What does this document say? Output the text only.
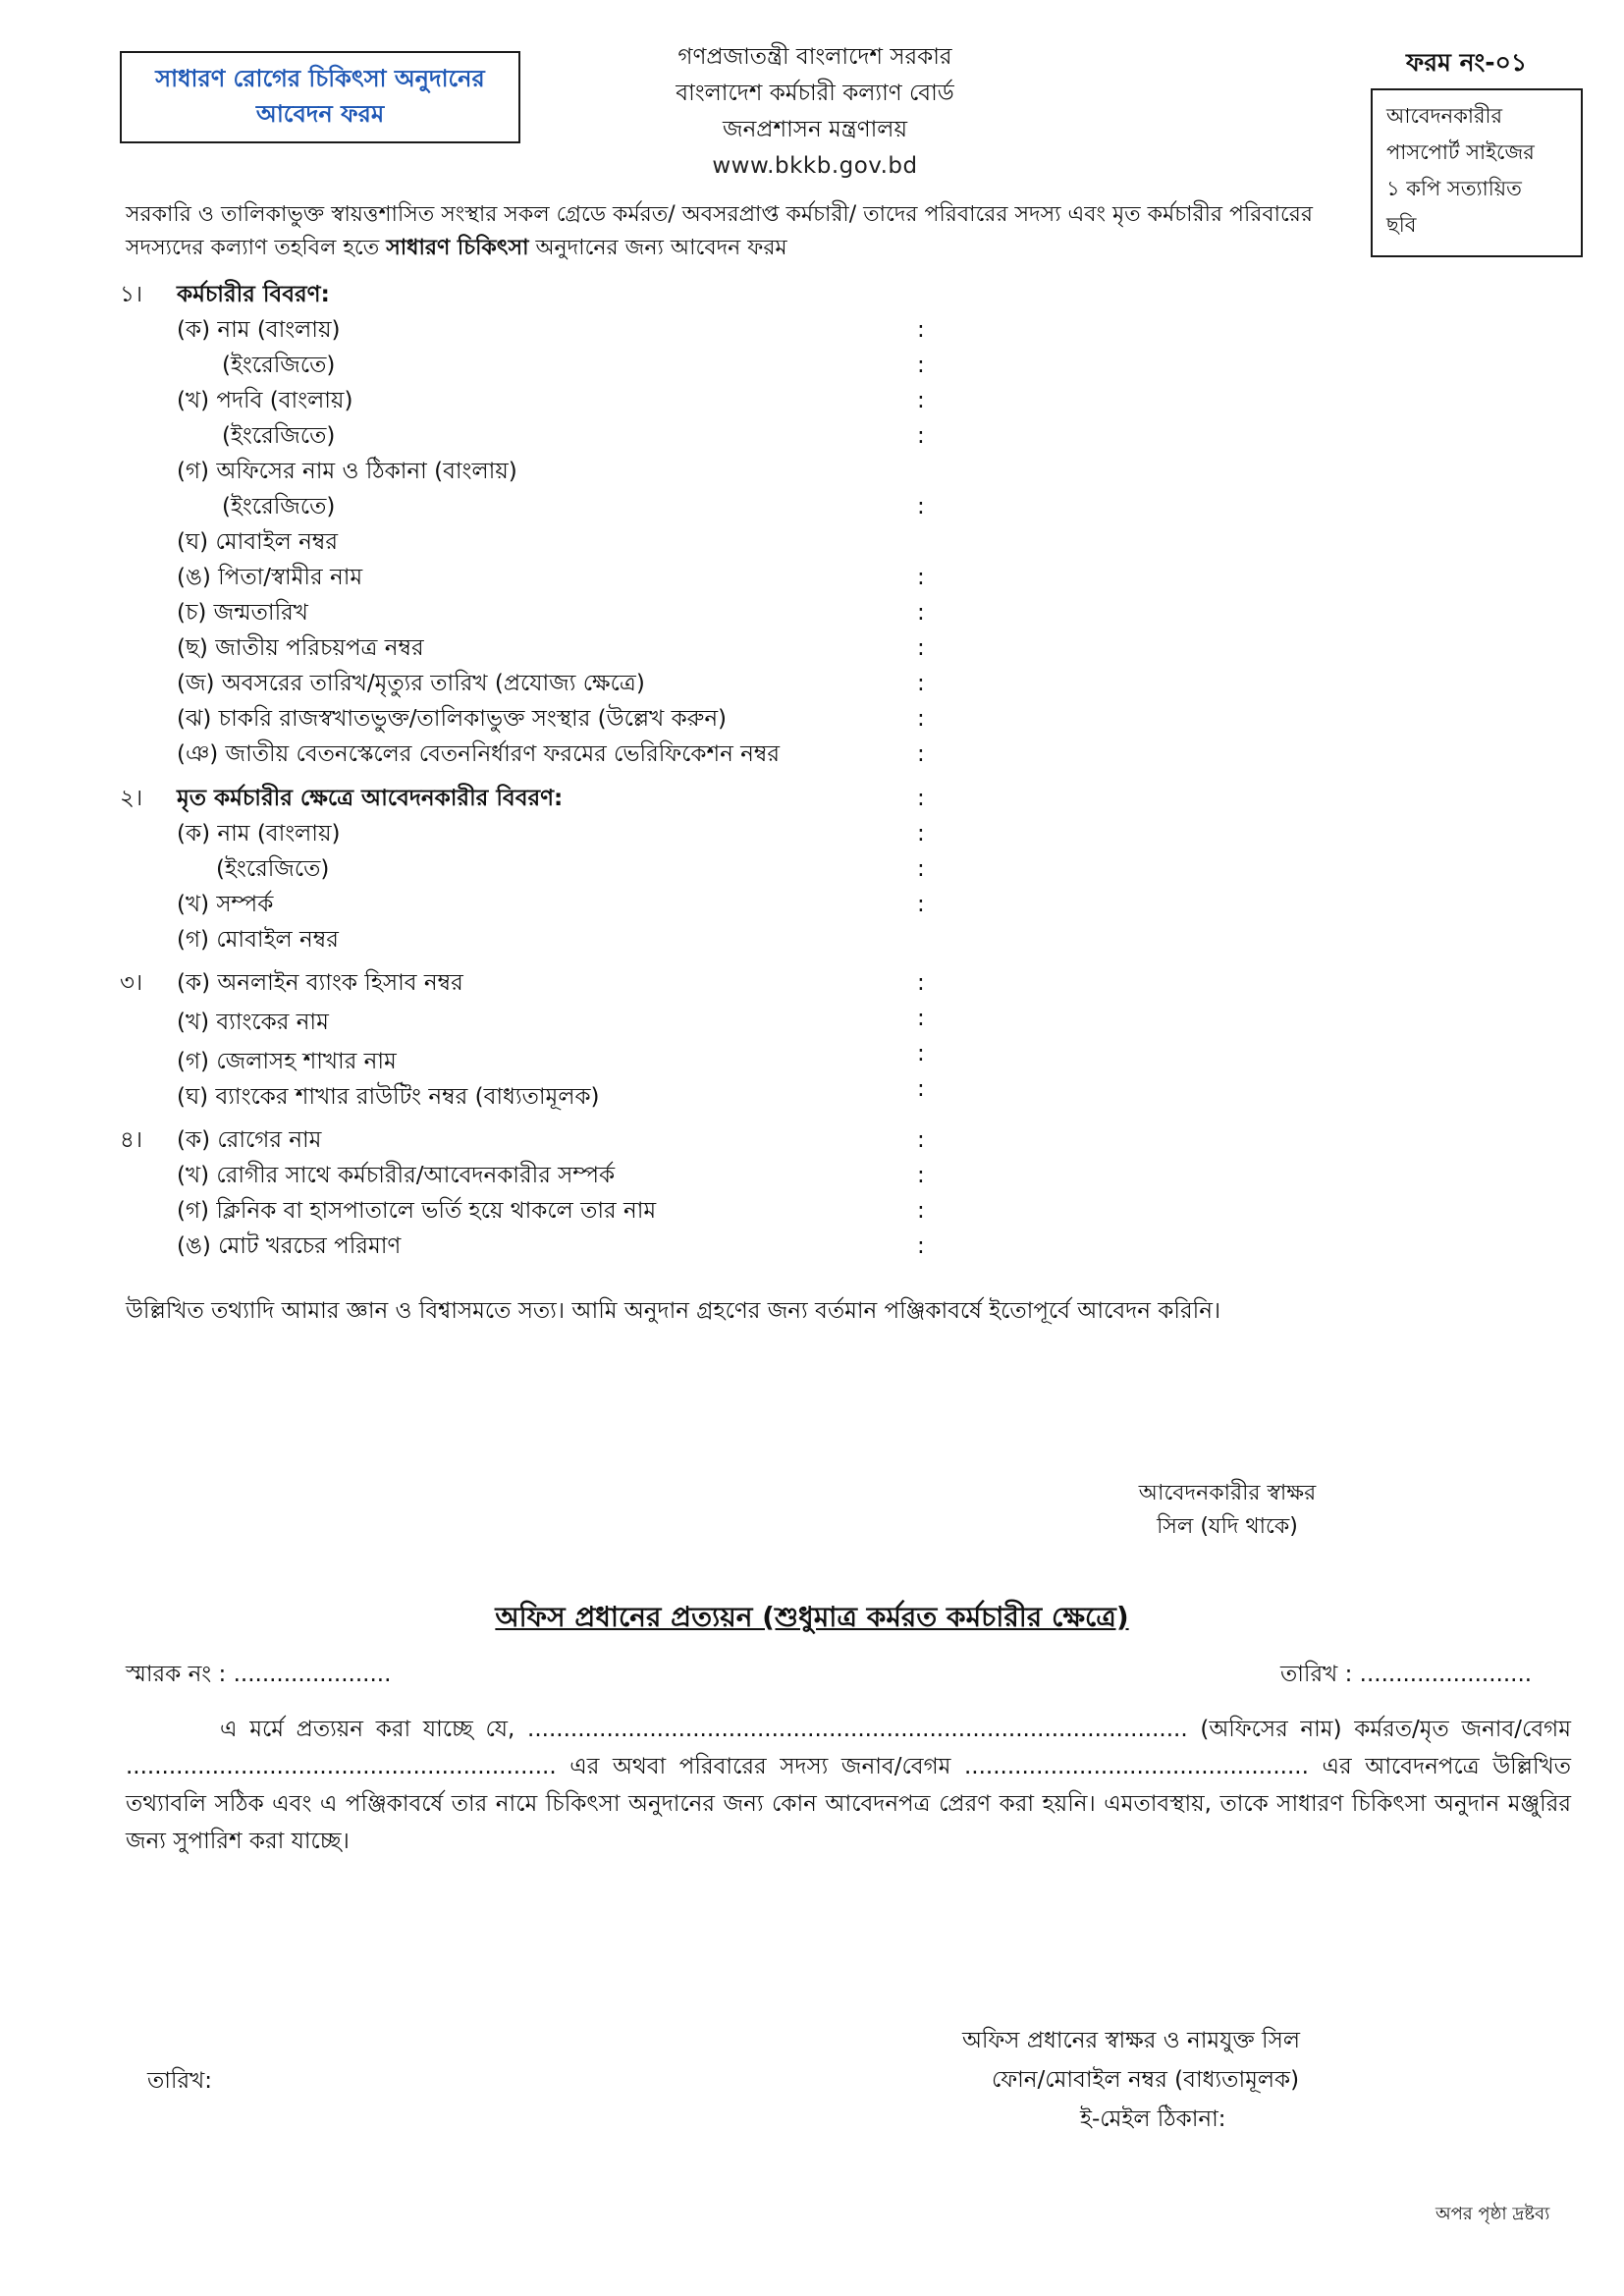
সাধারণ রোগের চিকিৎসা অনুদানের
আবেদন ফরম
গণপ্রজাতন্ত্রী বাংলাদেশ সরকার
বাংলাদেশ কর্মচারী কল্যাণ বোর্ড
জনপ্রশাসন মন্ত্রণালয়
www.bkkb.gov.bd
ফরম নং-০১
আবেদনকারীর
পাসপোর্ট সাইজের
১ কপি সত্যায়িত
ছবি
সরকারি ও তালিকাভুক্ত স্বায়ত্তশাসিত সংস্থার সকল গ্রেডে কর্মরত/ অবসরপ্রাপ্ত কর্মচারী/ তাদের পরিবারের সদস্য এবং মৃত কর্মচারীর পরিবারের সদস্যদের কল্যাণ তহবিল হতে সাধারণ চিকিৎসা অনুদানের জন্য আবেদন ফরম
১। কর্মচারীর বিবরণ:
(ক) নাম (বাংলায়)	:
(ইংরেজিতে)	:
(খ) পদবি (বাংলায়)	:
(ইংরেজিতে)	:
(গ) অফিসের নাম ও ঠিকানা (বাংলায়)
(ইংরেজিতে)	:
(ঘ) মোবাইল নম্বর
(ঙ) পিতা/স্বামীর নাম	:
(চ) জন্মতারিখ	:
(ছ) জাতীয় পরিচয়পত্র নম্বর	:
(জ) অবসরের তারিখ/মৃত্যুর তারিখ (প্রযোজ্য ক্ষেত্রে)	:
(ঝ) চাকরি রাজস্বখাতভুক্ত/তালিকাভুক্ত সংস্থার (উল্লেখ করুন)	:
(ঞ) জাতীয় বেতনস্কেলের বেতননির্ধারণ ফরমের ভেরিফিকেশন নম্বর	:
২। মৃত কর্মচারীর ক্ষেত্রে আবেদনকারীর বিবরণ:	:
(ক) নাম (বাংলায়)	:
(ইংরেজিতে)	:
(খ) সম্পর্ক	:
(গ) মোবাইল নম্বর
৩। (ক) অনলাইন ব্যাংক হিসাব নম্বর	:
(খ) ব্যাংকের নাম	:
(গ) জেলাসহ শাখার নাম	:
(ঘ) ব্যাংকের শাখার রাউটিং নম্বর (বাধ্যতামূলক)	:
৪। (ক) রোগের নাম	:
(খ) রোগীর সাথে কর্মচারীর/আবেদনকারীর সম্পর্ক	:
(গ) ক্লিনিক বা হাসপাতালে ভর্তি হয়ে থাকলে তার নাম	:
(ঙ) মোট খরচের পরিমাণ	:
উল্লিখিত তথ্যাদি আমার জ্ঞান ও বিশ্বাসমতে সত্য। আমি অনুদান গ্রহণের জন্য বর্তমান পঞ্জিকাবর্ষে ইতোপূর্বে আবেদন করিনি।
আবেদনকারীর স্বাক্ষর
সিল (যদি থাকে)
অফিস প্রধানের প্রত্যয়ন (শুধুমাত্র কর্মরত কর্মচারীর ক্ষেত্রে)
স্মারক নং : ......................	তারিখ : ........................
এ মর্মে প্রত্যয়ন করা যাচ্ছে যে, ............................................................................................ (অফিসের নাম) কর্মরত/মৃত জনাব/বেগম ............................................................ এর অথবা পরিবারের সদস্য জনাব/বেগম ................................................ এর আবেদনপত্রে উল্লিখিত তথ্যাবলি সঠিক এবং এ পঞ্জিকাবর্ষে তার নামে চিকিৎসা অনুদানের জন্য কোন আবেদনপত্র প্রেরণ করা হয়নি। এমতাবস্থায়, তাকে সাধারণ চিকিৎসা অনুদান মঞ্জুরির জন্য সুপারিশ করা যাচ্ছে।
অফিস প্রধানের স্বাক্ষর ও নামযুক্ত সিল
ফোন/মোবাইল নম্বর (বাধ্যতামূলক)
ই-মেইল ঠিকানা:
তারিখ:
অপর পৃষ্ঠা দ্রষ্টব্য
